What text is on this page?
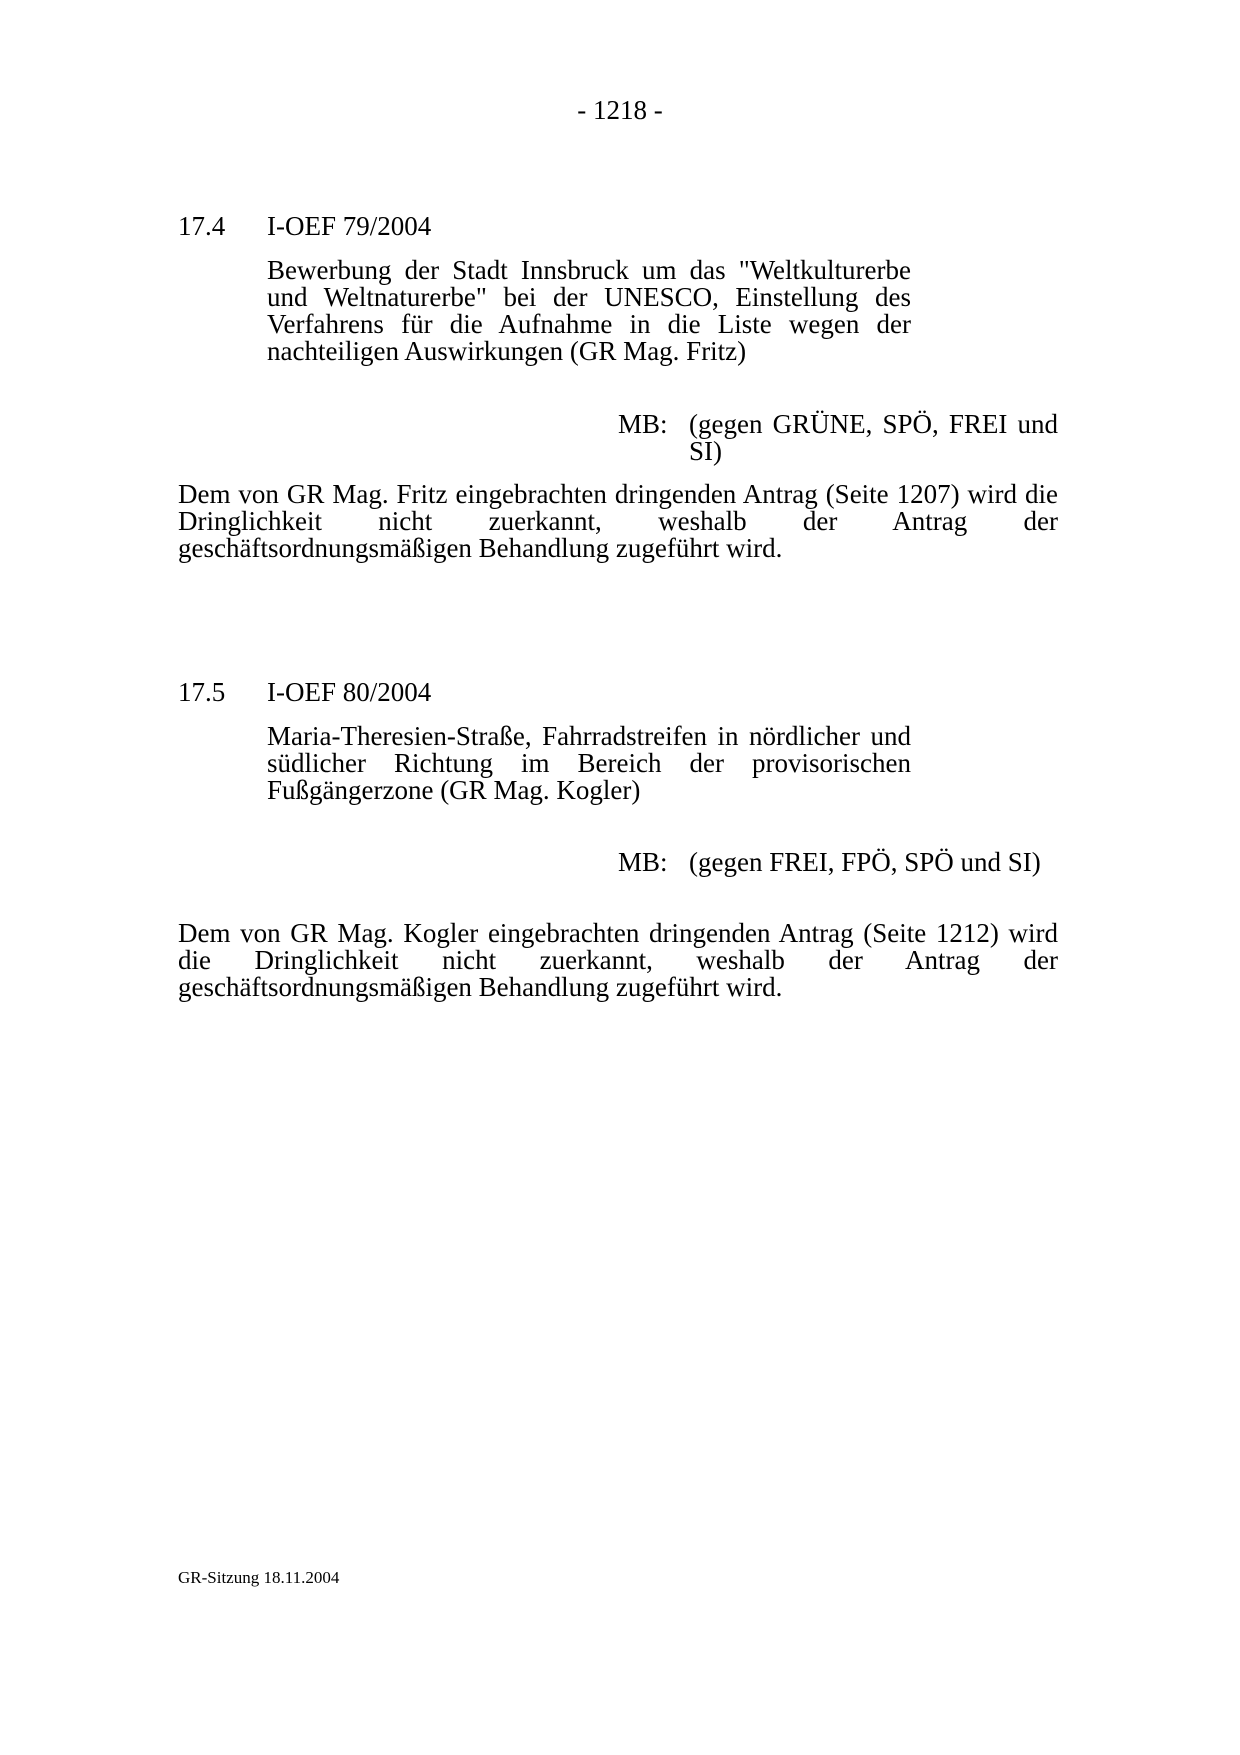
- 1218 -
17.4 I-OEF 79/2004
Bewerbung der Stadt Innsbruck um das "Weltkulturerbe und Weltnaturerbe" bei der UNESCO, Einstellung des Verfahrens für die Aufnahme in die Liste wegen der nachteiligen Auswirkungen (GR Mag. Fritz)
MB: (gegen GRÜNE, SPÖ, FREI und SI)
Dem von GR Mag. Fritz eingebrachten dringenden Antrag (Seite 1207) wird die Dringlichkeit nicht zuerkannt, weshalb der Antrag der geschäftsordnungsmäßigen Behandlung zugeführt wird.
17.5 I-OEF 80/2004
Maria-Theresien-Straße, Fahrradstreifen in nördlicher und südlicher Richtung im Bereich der provisorischen Fußgängerzone (GR Mag. Kogler)
MB: (gegen FREI, FPÖ, SPÖ und SI)
Dem von GR Mag. Kogler eingebrachten dringenden Antrag (Seite 1212) wird die Dringlichkeit nicht zuerkannt, weshalb der Antrag der geschäftsordnungsmäßigen Behandlung zugeführt wird.
GR-Sitzung 18.11.2004
